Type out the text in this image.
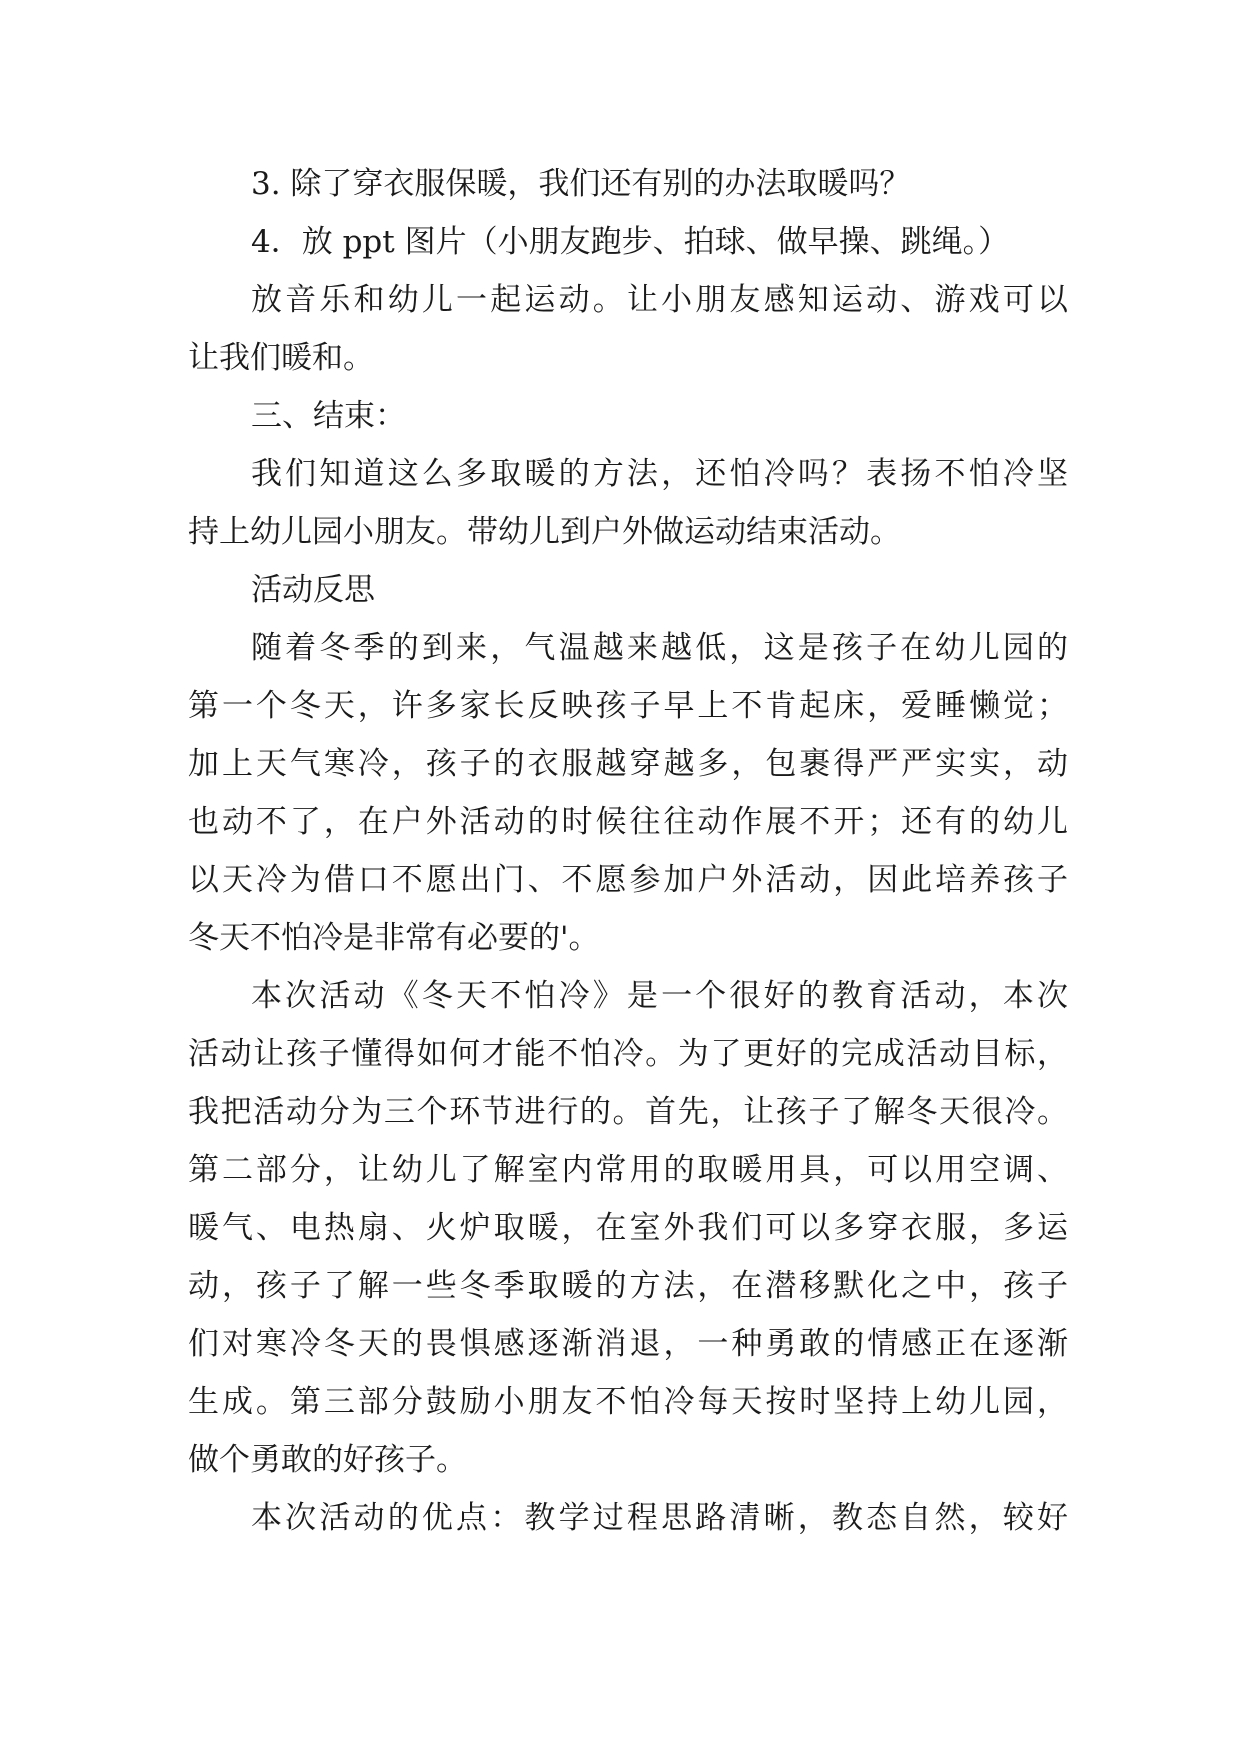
3. 除了穿衣服保暖，我们还有别的办法取暖吗？
4．放 ppt 图片（小朋友跑步、拍球、做早操、跳绳。）
放音乐和幼儿一起运动。让小朋友感知运动、游戏可以
让我们暖和。
三、结束：
我们知道这么多取暖的方法，还怕冷吗？表扬不怕冷坚
持上幼儿园小朋友。带幼儿到户外做运动结束活动。
活动反思
随着冬季的到来，气温越来越低，这是孩子在幼儿园的
第一个冬天，许多家长反映孩子早上不肯起床，爱睡懒觉；
加上天气寒冷，孩子的衣服越穿越多，包裹得严严实实，动
也动不了，在户外活动的时候往往动作展不开；还有的幼儿
以天冷为借口不愿出门、不愿参加户外活动，因此培养孩子
冬天不怕冷是非常有必要的'。
本次活动《冬天不怕冷》是一个很好的教育活动，本次
活动让孩子懂得如何才能不怕冷。为了更好的完成活动目标，
我把活动分为三个环节进行的。首先，让孩子了解冬天很冷。
第二部分，让幼儿了解室内常用的取暖用具，可以用空调、
暖气、电热扇、火炉取暖，在室外我们可以多穿衣服，多运
动，孩子了解一些冬季取暖的方法，在潜移默化之中，孩子
们对寒冷冬天的畏惧感逐渐消退，一种勇敢的情感正在逐渐
生成。第三部分鼓励小朋友不怕冷每天按时坚持上幼儿园，
做个勇敢的好孩子。
本次活动的优点：教学过程思路清晰，教态自然，较好
